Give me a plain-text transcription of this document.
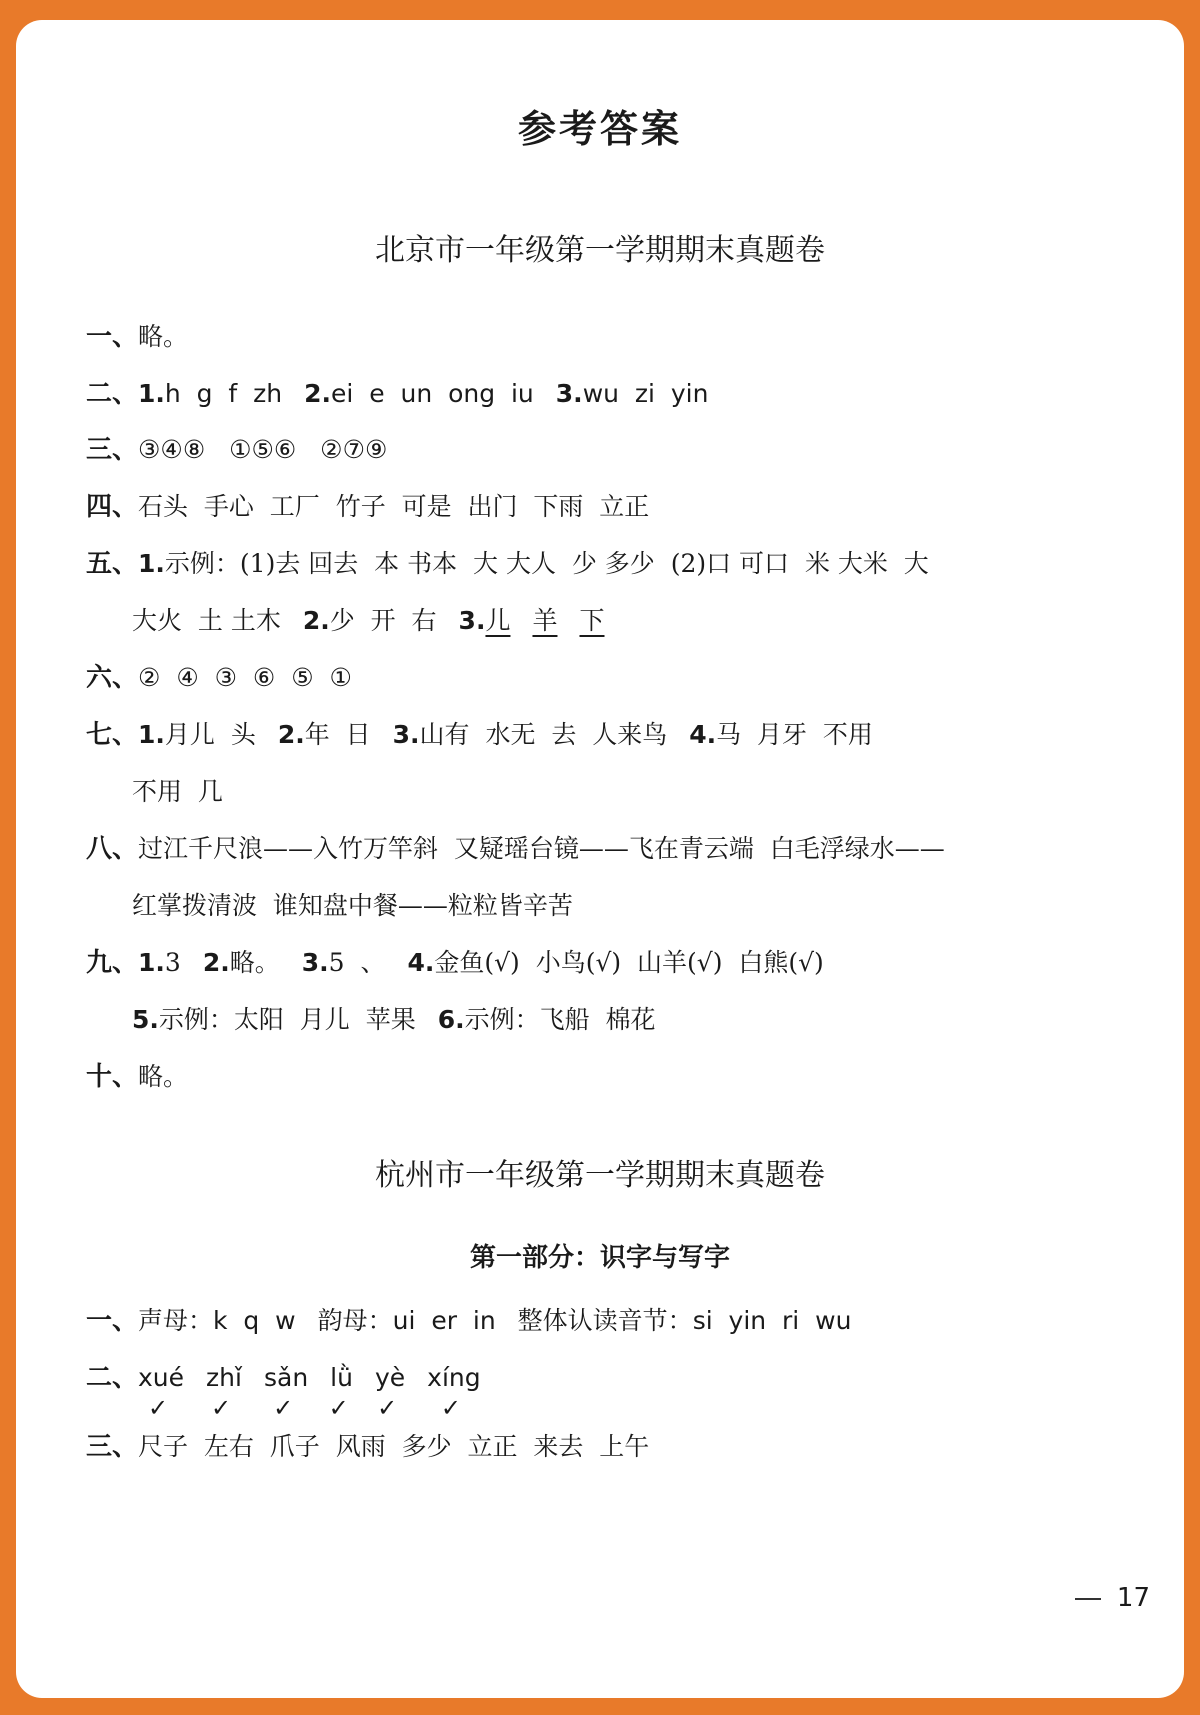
参考答案
北京市一年级第一学期期末真题卷
一、略。
二、1.h  g  f  zh 2.ei  e  un  ong  iu 3.wu  zi  yin
三、③④⑧   ①⑤⑥   ②⑦⑨
四、石头  手心  工厂  竹子  可是  出门  下雨  立正
五、1.示例：(1)去 回去  本 书本  大 大人  少 多少  (2)口 可口  米 大米  大
大火  土 土木 2.少  开  右 3.儿 羊 下
六、②  ④  ③  ⑥  ⑤  ①
七、1.月儿  头 2.年  日 3.山有  水无  去  人来鸟 4.马  月牙  不用
不用  几
八、过江千尺浪——入竹万竿斜  又疑瑶台镜——飞在青云端  白毛浮绿水——
红掌拨清波  谁知盘中餐——粒粒皆辛苦
九、1.3 2.略。 3.5  、 4.金鱼(√)  小鸟(√)  山羊(√)  白熊(√)
5.示例：太阳  月儿  苹果 6.示例：飞船  棉花
十、略。
杭州市一年级第一学期期末真题卷
第一部分：识字与写字
一、声母：k  q  w 韵母：ui  er  in 整体认读音节：si  yin  ri  wu
二、xué
✓
zhǐ
✓
sǎn
✓
lǜ
✓
yè
✓
xíng
✓
三、尺子  左右  爪子  风雨  多少  立正  来去  上午
17
